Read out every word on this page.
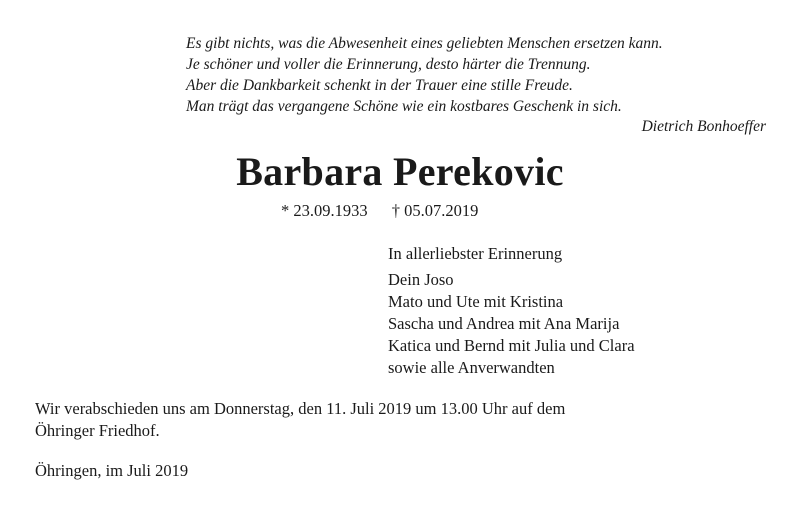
Es gibt nichts, was die Abwesenheit eines geliebten Menschen ersetzen kann.
Je schöner und voller die Erinnerung, desto härter die Trennung.
Aber die Dankbarkeit schenkt in der Trauer eine stille Freude.
Man trägt das vergangene Schöne wie ein kostbares Geschenk in sich.
Dietrich Bonhoeffer
Barbara Perekovic
* 23.09.1933 † 05.07.2019
In allerliebster Erinnerung
Dein Joso
Mato und Ute mit Kristina
Sascha und Andrea mit Ana Marija
Katica und Bernd mit Julia und Clara
sowie alle Anverwandten
Wir verabschieden uns am Donnerstag, den 11. Juli 2019 um 13.00 Uhr auf dem
Öhringer Friedhof.
Öhringen, im Juli 2019
